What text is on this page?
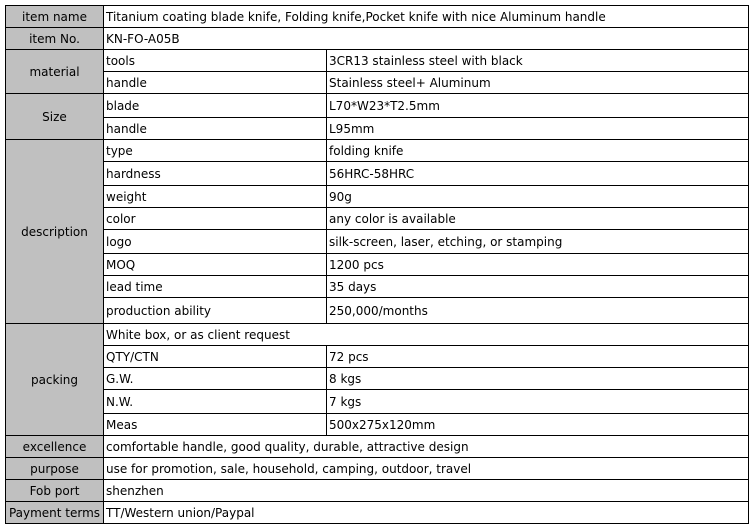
item name	Titanium coating blade knife, Folding knife,Pocket knife with nice Aluminum handle	
item No.	KN-FO-A05B	
material	tools	3CR13 stainless steel with black
	handle	Stainless steel+ Aluminum
Size	blade	L70*W23*T2.5mm
	handle	L95mm
description	type	folding knife
	hardness	56HRC-58HRC
	weight	90g
	color	any color is available
	logo	silk-screen, laser, etching, or stamping
	MOQ	1200 pcs
	lead time	35 days
	production ability	250,000/months
packing	White box, or as client request	
	QTY/CTN	72 pcs
	G.W.	8 kgs
	N.W.	7 kgs
	Meas	500x275x120mm
excellence	comfortable handle, good quality, durable, attractive design	
purpose	use for promotion, sale, household, camping, outdoor, travel	
Fob port	shenzhen	
Payment terms	TT/Western union/Paypal	
